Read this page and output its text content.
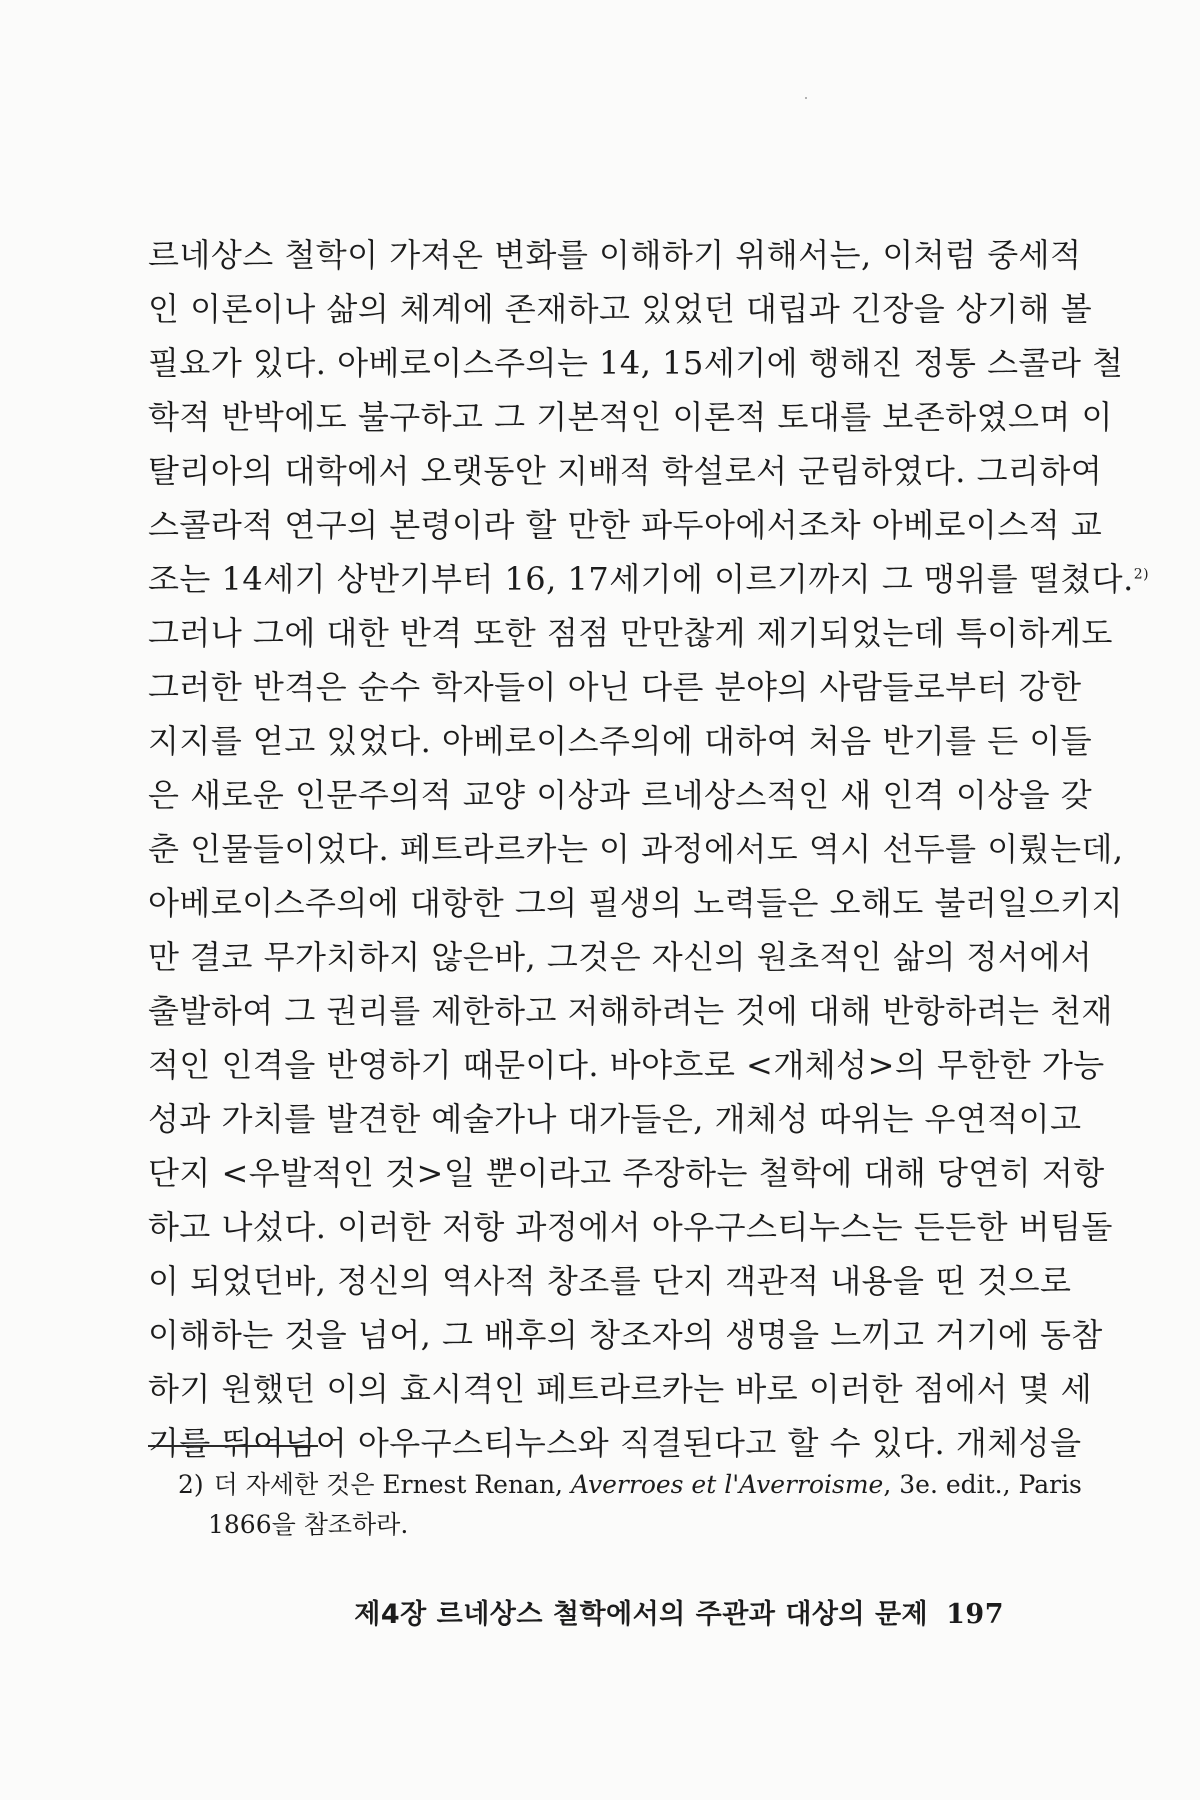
르네상스 철학이 가져온 변화를 이해하기 위해서는, 이처럼 중세적
인 이론이나 삶의 체계에 존재하고 있었던 대립과 긴장을 상기해 볼
필요가 있다. 아베로이스주의는 14, 15세기에 행해진 정통 스콜라 철
학적 반박에도 불구하고 그 기본적인 이론적 토대를 보존하였으며 이
탈리아의 대학에서 오랫동안 지배적 학설로서 군림하였다. 그리하여
스콜라적 연구의 본령이라 할 만한 파두아에서조차 아베로이스적 교
조는 14세기 상반기부터 16, 17세기에 이르기까지 그 맹위를 떨쳤다.$^{2)}$
그러나 그에 대한 반격 또한 점점 만만찮게 제기되었는데 특이하게도
그러한 반격은 순수 학자들이 아닌 다른 분야의 사람들로부터 강한
지지를 얻고 있었다. 아베로이스주의에 대하여 처음 반기를 든 이들
은 새로운 인문주의적 교양 이상과 르네상스적인 새 인격 이상을 갖
춘 인물들이었다. 페트라르카는 이 과정에서도 역시 선두를 이뤘는데,
아베로이스주의에 대항한 그의 필생의 노력들은 오해도 불러일으키지
만 결코 무가치하지 않은바, 그것은 자신의 원초적인 삶의 정서에서
출발하여 그 권리를 제한하고 저해하려는 것에 대해 반항하려는 천재
적인 인격을 반영하기 때문이다. 바야흐로 <개체성>의 무한한 가능
성과 가치를 발견한 예술가나 대가들은, 개체성 따위는 우연적이고
단지 <우발적인 것>일 뿐이라고 주장하는 철학에 대해 당연히 저항
하고 나섰다. 이러한 저항 과정에서 아우구스티누스는 든든한 버팀돌
이 되었던바, 정신의 역사적 창조를 단지 객관적 내용을 띤 것으로
이해하는 것을 넘어, 그 배후의 창조자의 생명을 느끼고 거기에 동참
하기 원했던 이의 효시격인 페트라르카는 바로 이러한 점에서 몇 세
기를 뛰어넘어 아우구스티누스와 직결된다고 할 수 있다. 개체성을
2) 더 자세한 것은 Ernest Renan, Averroes et l'Averroisme, 3e. edit., Paris
1866을 참조하라.
제4장 르네상스 철학에서의 주관과 대상의 문제 197
